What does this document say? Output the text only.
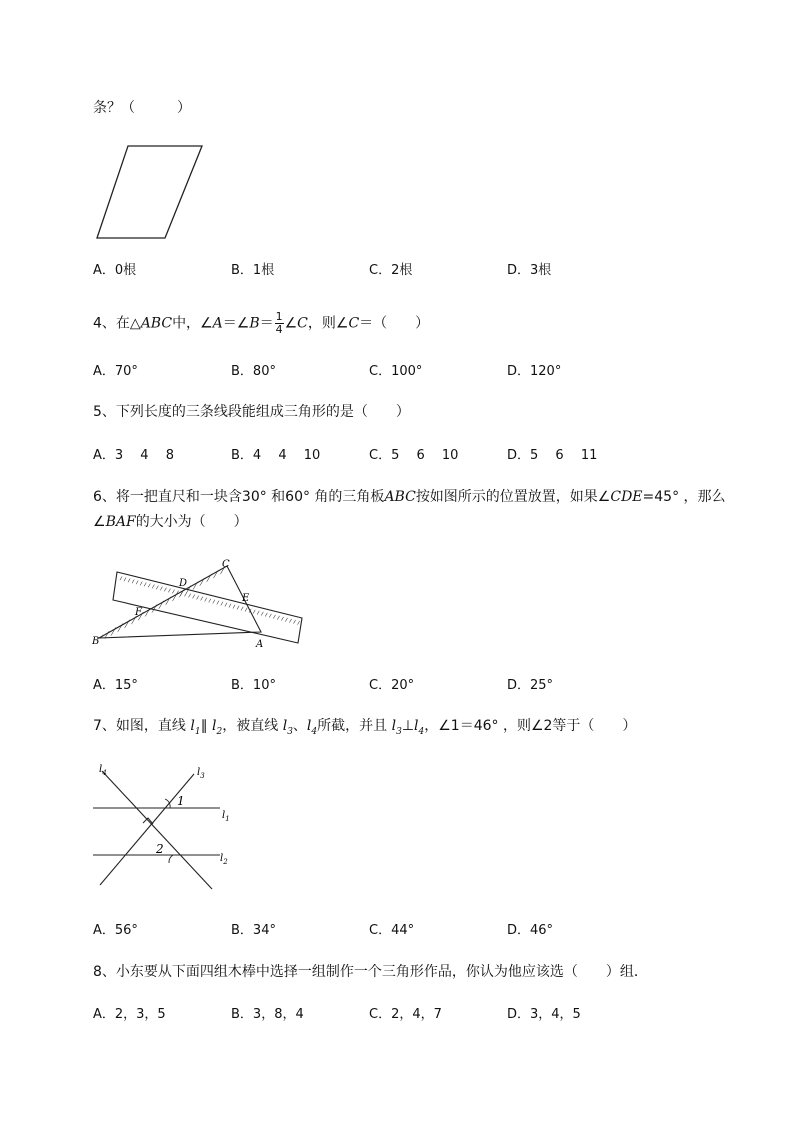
条？（　　　）
A．0根	B．1根	C．2根	D．3根
4、在△ABC中，∠A＝∠B＝ $\frac{1}{4}$ ∠C，则∠C＝（　　）
A．70°	B．80°	C．100°	D．120°
5、下列长度的三条线段能组成三角形的是（　　）
A．3　 4　 8	B．4　 4　 10	C．5　 6　 10	D．5　 6　 11
6、将一把直尺和一块含30° 和60° 角的三角板ABC按如图所示的位置放置，如果∠CDE=45° ，那么
∠BAF的大小为（　　）
C
D
E
F
B	A
A．15°	B．10°	C．20°	D．25°
7、如图，直线 $l_1\parallel$ $l_2$，被直线 $l_3$、$l_4$所截，并且 $l_3\perp l_4$，∠1＝46° ，则∠2等于（　　）
$l_4$	$l_3$
$l_1$
$l_2$
1
2
A．56°	B．34°	C．44°	D．46°
8、小东要从下面四组木棒中选择一组制作一个三角形作品，你认为他应该选（　　）组．
A．2，3，5	B．3，8，4	C．2，4，7	D．3，4，5
